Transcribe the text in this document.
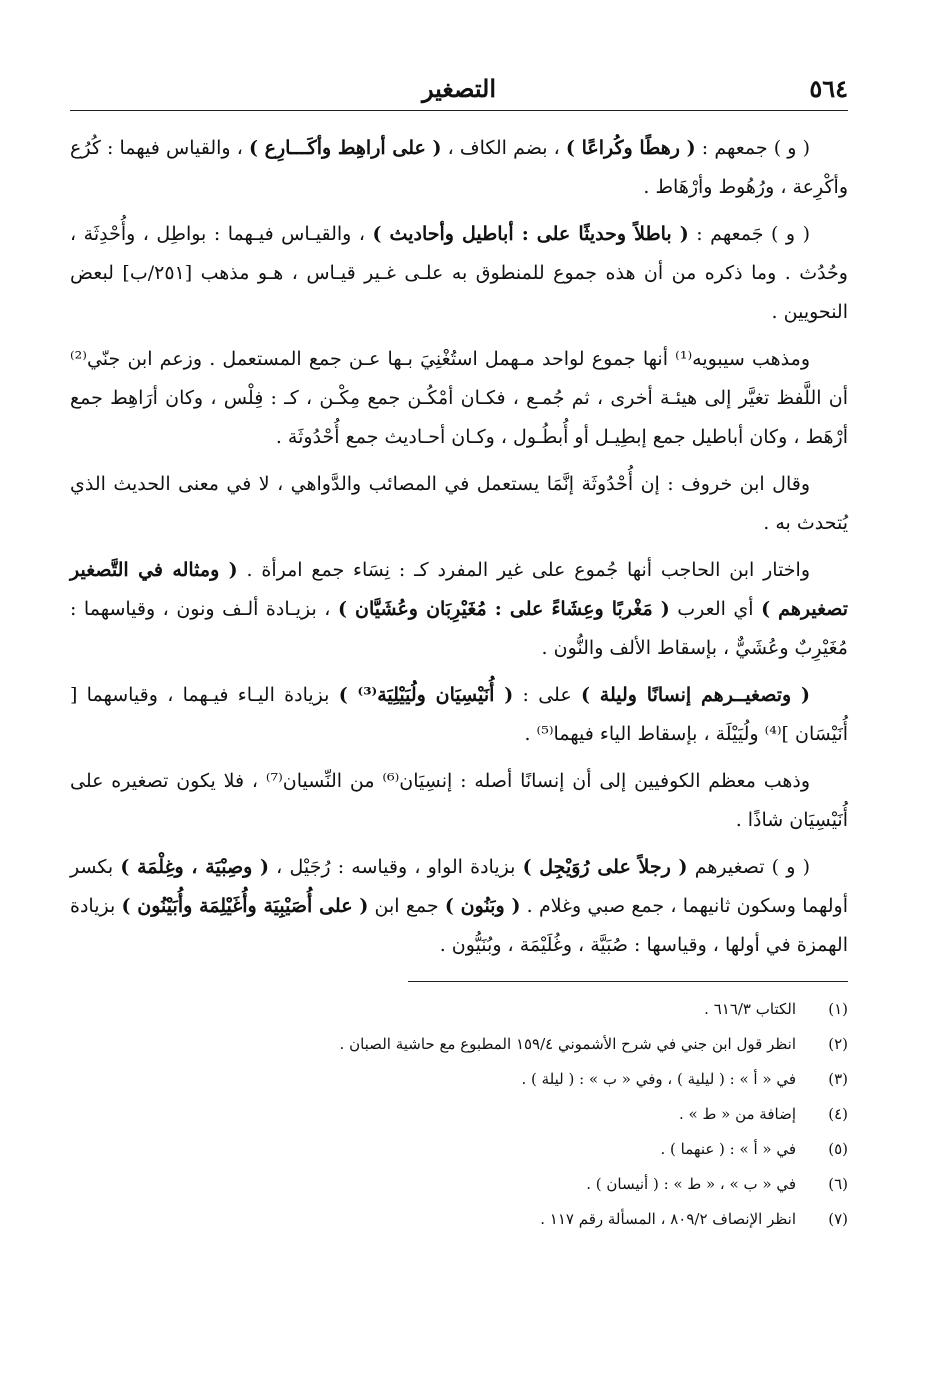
٥٦٤
التصغير

( و ) جمعهم : ( رهطًا وكُراعًا ) ، بضم الكاف ، ( على أراهِط وأكَـــارِع ) ، والقياس فيهما : كُرُع وأكْرِعة ، ورُهُوط وأرْهَاط .

( و ) جَمعهم : ( باطلاً وحديثًا على : أباطيل وأحاديث ) ، والقيـاس فيـهما : بواطِل ، وأُحْدِثَة ، وحُدُث . وما ذكره من أن هذه جموع للمنطوق به علـى غـير قيـاس ، هـو مذهب [٢٥١/ب] لبعض النحويين .

ومذهب سيبويه⁽¹⁾ أنها جموع لواحد مـهمل استُغْنِيَ بـها عـن جمع المستعمل . وزعم ابن جنّي⁽²⁾ أن اللَّفظ تغيَّر إلى هيئـة أخرى ، ثم جُمـع ، فكـان أمْكُـن جمع مِكْـن ، كـ : فِلْس ، وكان أرَاهِط جمع أرْهَط ، وكان أباطيل جمع إبطِيـل أو أُبطُـول ، وكـان أحـاديث جمع أُحْدُوثَة .

وقال ابن خروف : إن أُحْدُوثَة إنَّمَا يستعمل في المصائب والدَّواهي ، لا في معنى الحديث الذي يُتحدث به .

واختار ابن الحاجب أنها جُموع على غير المفرد كـ : نِسَاء جمع امرأة . ( ومثاله في التَّصغير تصغيرهم ) أي العرب ( مَغْربًا وعِشَاءً على : مُغَيْرِبَان وعُشَيَّان ) ، بزيـادة ألـف ونون ، وقياسهما : مُغَيْرِبٌ وعُشَيٌّ ، بإسقاط الألف والنُّون .

( وتصغيــرهم إنسانًا وليلة ) على : ( أُنَيْسِيَان ولُيَيْلِيَة⁽³⁾ ) بزيادة اليـاء فيـهما ، وقياسهما [ أُنَيْسَان ]⁽⁴⁾ ولُيَيْلَة ، بإسقاط الياء فيهما⁽⁵⁾ .

وذهب معظم الكوفيين إلى أن إنسانًا أصله : إنسِيَان⁽⁶⁾ من النِّسيان⁽⁷⁾ ، فلا يكون تصغيره على أُنَيْسِيَان شاذًا .

( و ) تصغيرهم ( رجلاً على رُوَيْجِل ) بزيادة الواو ، وقياسه : رُجَيْل ، ( وصِبْيَة ، وغِلْمَة ) بكسر أولهما وسكون ثانيهما ، جمع صبي وغلام . ( وبَنُون ) جمع ابن ( على أُصَيْبِيَة وأُغَيْلِمَة وأُبَيْنُون ) بزيادة الهمزة في أولها ، وقياسها : صُبَيَّة ، وغُلَيْمَة ، وبُنَيُّون .

(١)
الكتاب ٦١٦/٣ .
(٢)
انظر قول ابن جني في شرح الأشموني ١٥٩/٤ المطبوع مع حاشية الصبان .
(٣)
في « أ » : ( ليلية ) ، وفي « ب » : ( ليلة ) .
(٤)
إضافة من « ط » .
(٥)
في « أ » : ( عنهما ) .
(٦)
في « ب » ، « ط » : ( أنيسان ) .
(٧)
انظر الإنصاف ٨٠٩/٢ ، المسألة رقم ١١٧ .
